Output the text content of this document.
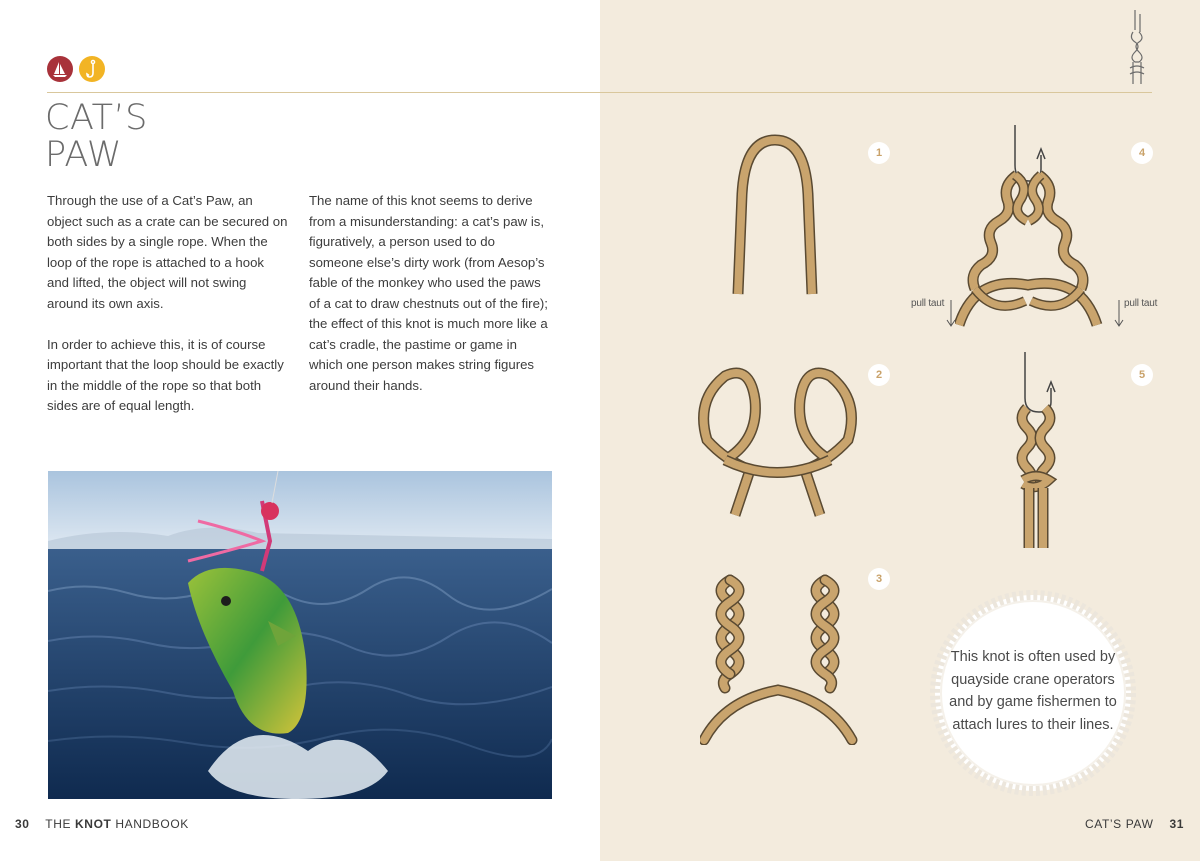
CAT’S
PAW

Through the use of a Cat’s Paw, an object such as a crate can be secured on both sides by a single rope. When the loop of the rope is attached to a hook and lifted, the object will not swing around its own axis.

In order to achieve this, it is of course important that the loop should be exactly in the middle of the rope so that both sides are of equal length.

The name of this knot seems to derive from a misunderstanding: a cat’s paw is, figuratively, a person used to do someone else’s dirty work (from Aesop’s fable of the monkey who used the paws of a cat to draw chestnuts out of the fire); the effect of this knot is much more like a cat’s cradle, the pastime or game in which one person makes string figures around their hands.

30 THE KNOT HANDBOOK
1
2
3
4
pull taut	pull taut
5
This knot is often used by quayside crane operators and by game fishermen to attach lures to their lines.
CAT’S PAW 31
